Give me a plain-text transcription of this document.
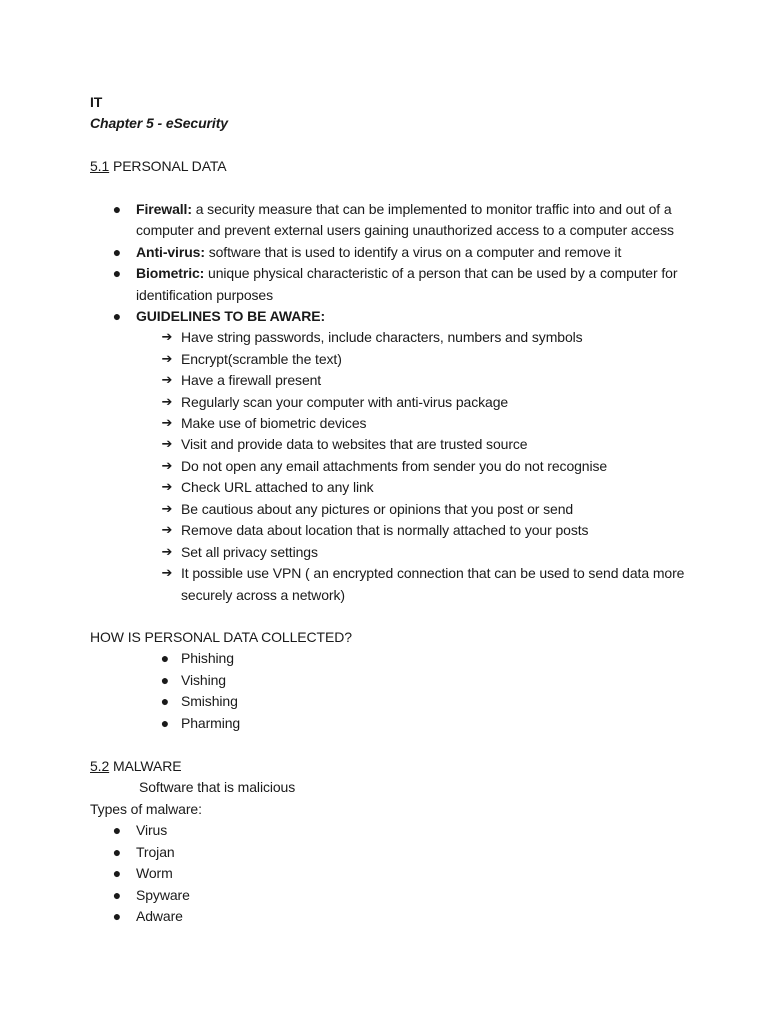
IT
Chapter 5 - eSecurity
5.1 PERSONAL DATA
● Firewall: a security measure that can be implemented to monitor traffic into and out of a
computer and prevent external users gaining unauthorized access to a computer access
● Anti-virus: software that is used to identify a virus on a computer and remove it
● Biometric: unique physical characteristic of a person that can be used by a computer for
identification purposes
● GUIDELINES TO BE AWARE:
➔ Have string passwords, include characters, numbers and symbols
➔ Encrypt(scramble the text)
➔ Have a firewall present
➔ Regularly scan your computer with anti-virus package
➔ Make use of biometric devices
➔ Visit and provide data to websites that are trusted source
➔ Do not open any email attachments from sender you do not recognise
➔ Check URL attached to any link
➔ Be cautious about any pictures or opinions that you post or send
➔ Remove data about location that is normally attached to your posts
➔ Set all privacy settings
➔ It possible use VPN ( an encrypted connection that can be used to send data more
securely across a network)
HOW IS PERSONAL DATA COLLECTED?
● Phishing
● Vishing
● Smishing
● Pharming
5.2 MALWARE
Software that is malicious
Types of malware:
● Virus
● Trojan
● Worm
● Spyware
● Adware
